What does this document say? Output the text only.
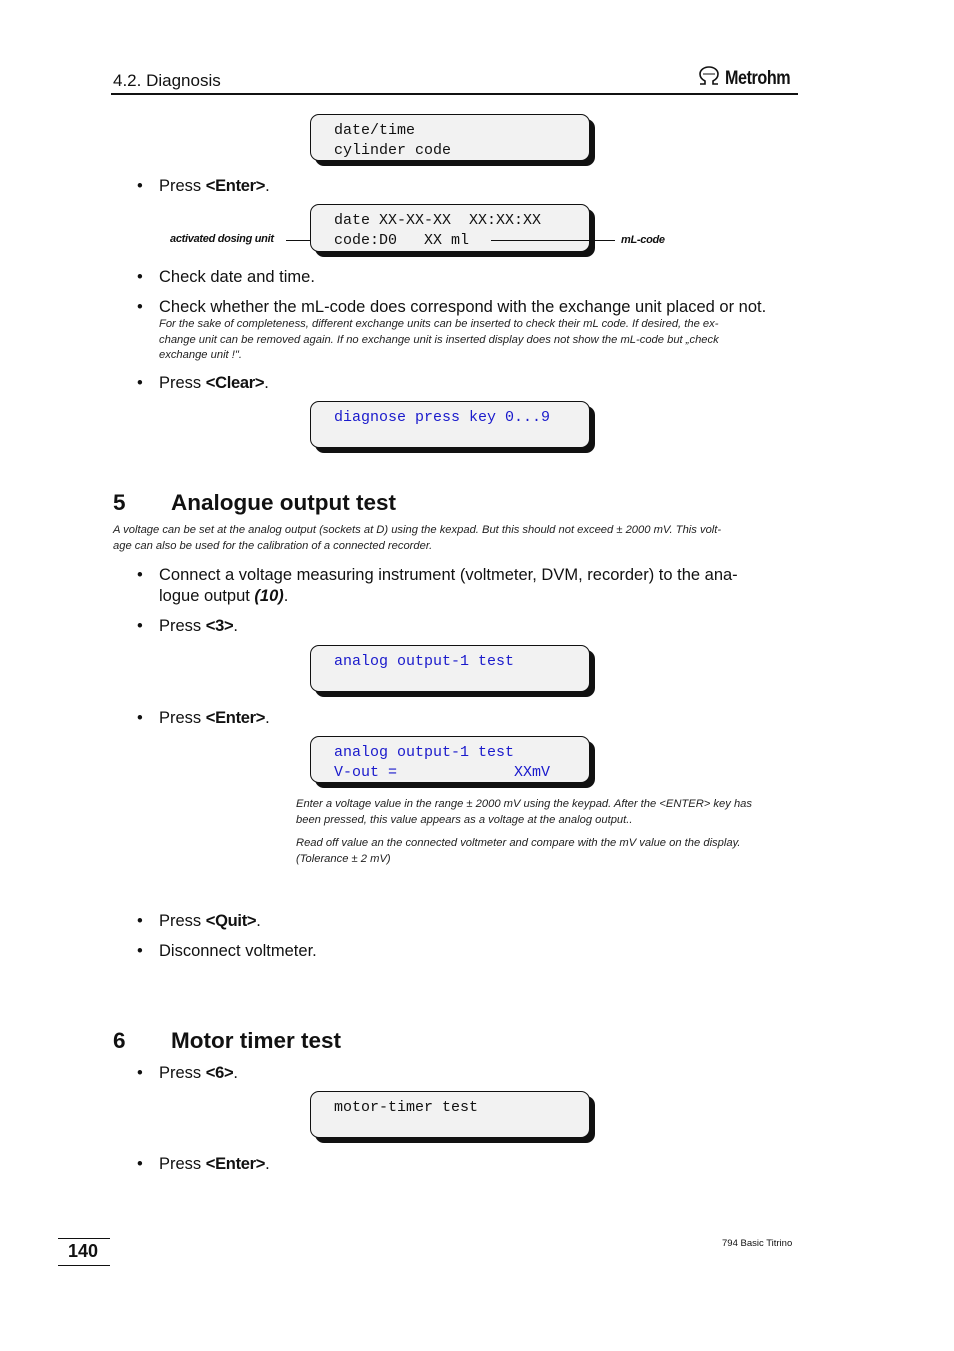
4.2. Diagnosis	Metrohm
date/time
cylinder code
• Press <Enter>.
activated dosing unit
date XX-XX-XX  XX:XX:XX
code:D0   XX ml	mL-code
• Check date and time.
• Check whether the mL-code does correspond with the exchange unit placed or not.
For the sake of completeness, different exchange units can be inserted to check their mL code. If desired, the ex-
change unit can be removed again. If no exchange unit is inserted display does not show the mL-code but „check
exchange unit !".
• Press <Clear>.
diagnose press key 0...9
5 Analogue output test
A voltage can be set at the analog output (sockets at D) using the kexpad. But this should not exceed ± 2000 mV. This volt-
age can also be used for the calibration of a connected recorder.
• Connect a voltage measuring instrument (voltmeter, DVM, recorder) to the ana-
logue output (10).
• Press <3>.
analog output-1 test
• Press <Enter>.
analog output-1 test
V-out =             XXmV
Enter a voltage value in the range ± 2000 mV using the keypad. After the <ENTER> key has
been pressed, this value appears as a voltage at the analog output..
Read off value an the connected voltmeter and compare with the mV value on the display.
(Tolerance ± 2 mV)
• Press <Quit>.
• Disconnect voltmeter.
6 Motor timer test
• Press <6>.
motor-timer test
• Press <Enter>.
140	794 Basic Titrino
